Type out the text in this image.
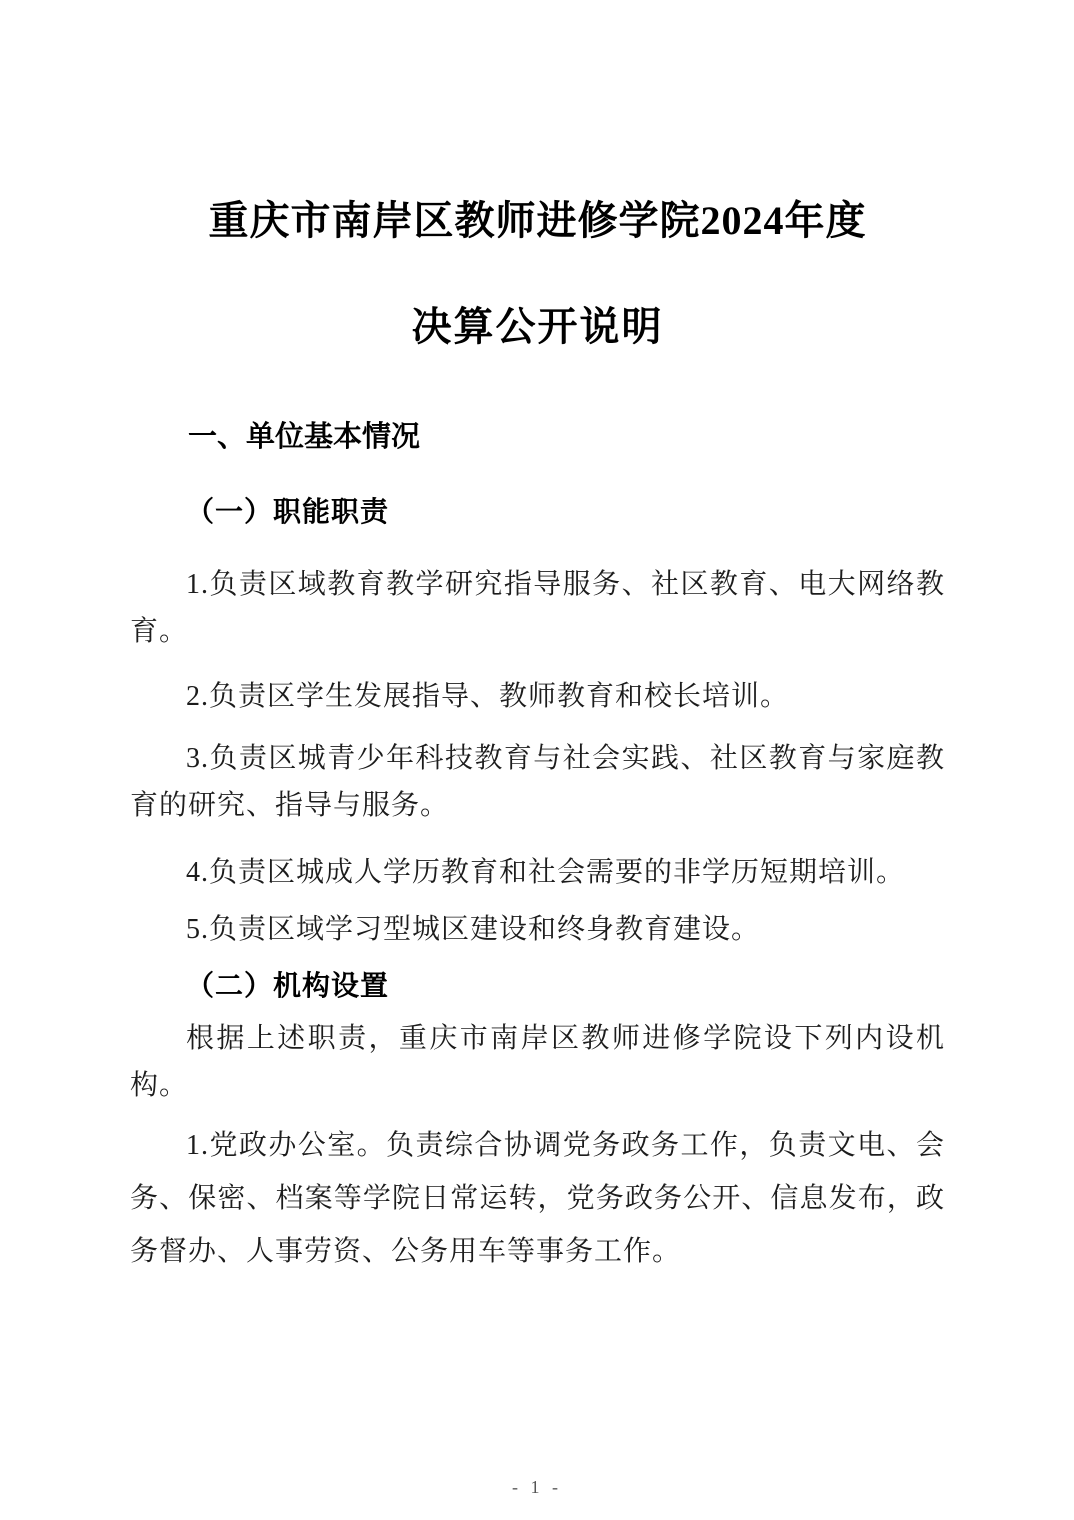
重庆市南岸区教师进修学院2024年度
决算公开说明
一、单位基本情况
（一）职能职责

1.负责区域教育教学研究指导服务、社区教育、电大网络教育。

2.负责区学生发展指导、教师教育和校长培训。

3.负责区城青少年科技教育与社会实践、社区教育与家庭教育的研究、指导与服务。

4.负责区城成人学历教育和社会需要的非学历短期培训。

5.负责区域学习型城区建设和终身教育建设。

（二）机构设置

根据上述职责，重庆市南岸区教师进修学院设下列内设机构。

1.党政办公室。负责综合协调党务政务工作，负责文电、会务、保密、档案等学院日常运转，党务政务公开、信息发布，政务督办、人事劳资、公务用车等事务工作。

- 1 -
